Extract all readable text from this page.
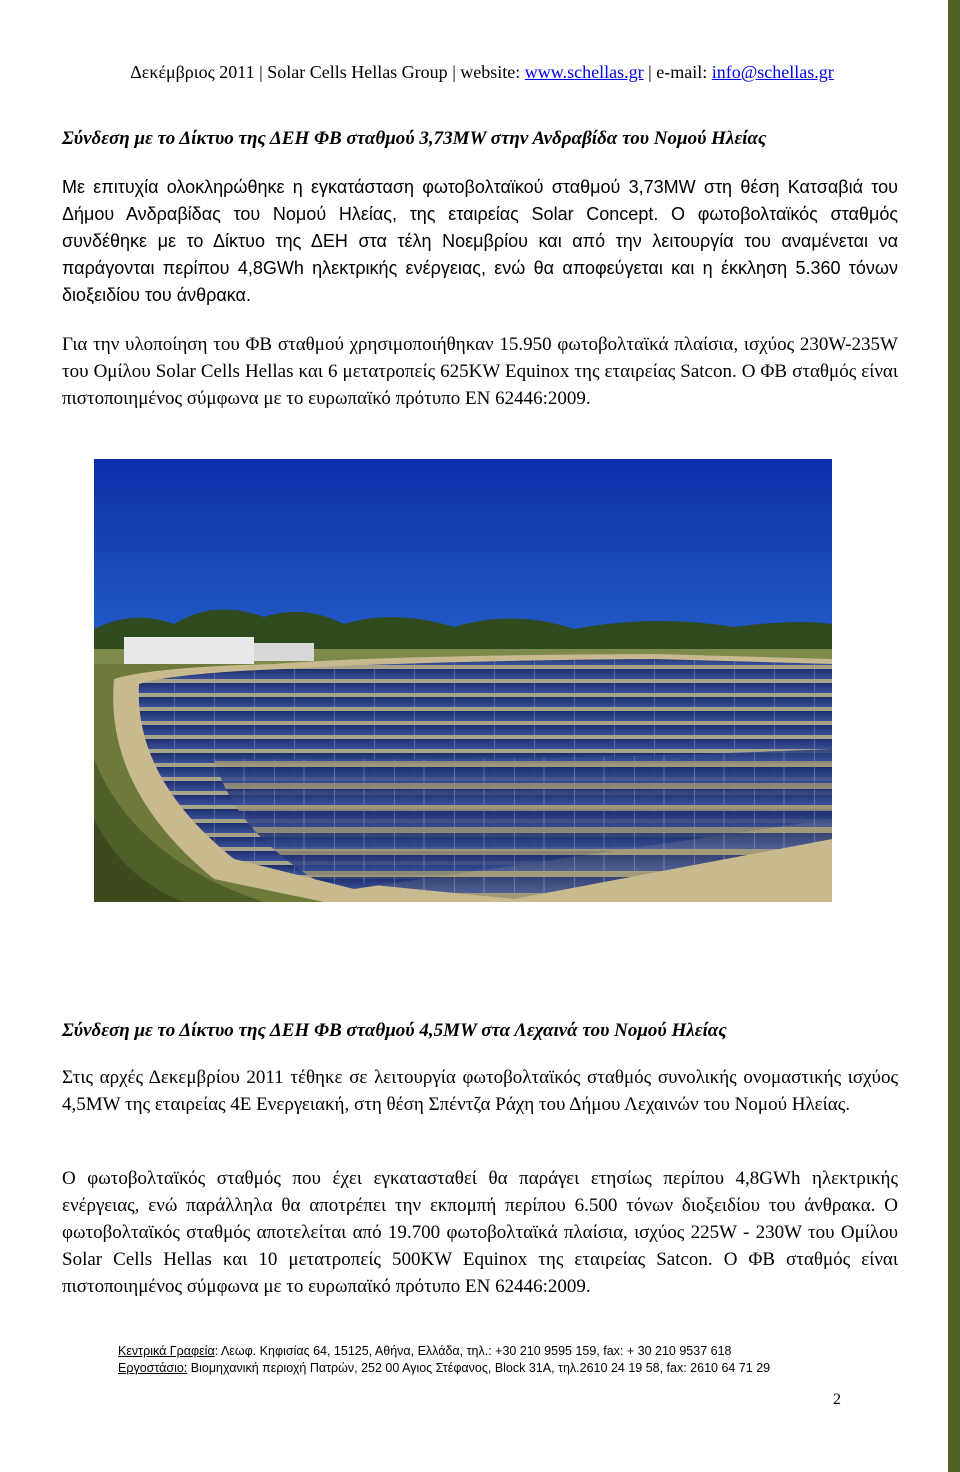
Δεκέμβριος 2011 | Solar Cells Hellas Group | website: www.schellas.gr | e-mail: info@schellas.gr
Σύνδεση με το Δίκτυο της ΔΕΗ ΦΒ σταθμού 3,73MW στην Ανδραβίδα του Νομού Ηλείας

Με επιτυχία ολοκληρώθηκε η εγκατάσταση φωτοβολταϊκού σταθμού 3,73MW στη θέση Κατσαβιά του Δήμου Ανδραβίδας του Νομού Ηλείας, της εταιρείας Solar Concept. Ο φωτοβολταϊκός σταθμός συνδέθηκε με το Δίκτυο της ΔΕΗ στα τέλη Νοεμβρίου και από την λειτουργία του αναμένεται να παράγονται περίπου 4,8GWh ηλεκτρικής ενέργειας, ενώ θα αποφεύγεται και η έκκληση 5.360 τόνων διοξειδίου του άνθρακα.

Για την υλοποίηση του ΦΒ σταθμού χρησιμοποιήθηκαν 15.950 φωτοβολταϊκά πλαίσια, ισχύος 230W-235W του Ομίλου Solar Cells Hellas και 6 μετατροπείς 625KW Equinox της εταιρείας Satcon. Ο ΦΒ σταθμός είναι πιστοποιημένος σύμφωνα με το ευρωπαϊκό πρότυπο EN 62446:2009.

Σύνδεση με το Δίκτυο της ΔΕΗ ΦΒ σταθμού 4,5MW στα Λεχαινά του Νομού Ηλείας

Στις αρχές Δεκεμβρίου 2011 τέθηκε σε λειτουργία φωτοβολταϊκός σταθμός συνολικής ονομαστικής ισχύος 4,5MW της εταιρείας 4Ε Ενεργειακή, στη θέση Σπέντζα Ράχη του Δήμου Λεχαινών του Νομού Ηλείας.

Ο φωτοβολταϊκός σταθμός που έχει εγκατασταθεί θα παράγει ετησίως περίπου 4,8GWh ηλεκτρικής ενέργειας, ενώ παράλληλα θα αποτρέπει την εκπομπή περίπου 6.500 τόνων διοξειδίου του άνθρακα. Ο φωτοβολταϊκός σταθμός αποτελείται από 19.700 φωτοβολταϊκά πλαίσια, ισχύος 225W - 230W του Ομίλου Solar Cells Hellas και 10 μετατροπείς 500KW Equinox της εταιρείας Satcon. Ο ΦΒ σταθμός είναι πιστοποιημένος σύμφωνα με το ευρωπαϊκό πρότυπο EN 62446:2009.

Κεντρικά Γραφεία: Λεωφ. Κηφισίας 64, 15125, Αθήνα, Ελλάδα, τηλ.: +30 210 9595 159, fax: + 30 210 9537 618
Εργοστάσιο: Βιομηχανική περιοχή Πατρών, 252 00 Αγιος Στέφανος, Block 31A, τηλ.2610 24 19 58, fax: 2610 64 71 29
2
